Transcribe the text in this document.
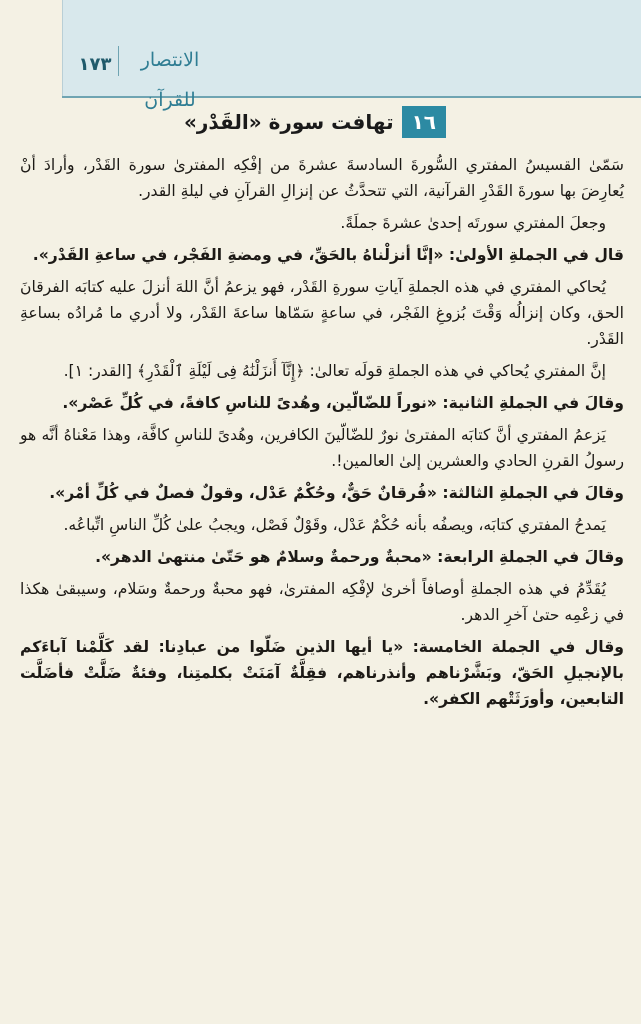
١٧٣	الانتصار للقرآن
١٦
تهافت سورة «القَدْر»

سَمّىٰ القسيسُ المفتري السُّورةَ السادسةَ عشرةَ من إفْكِه المفترىٰ سورة القَدْر، وأرادَ أنْ يُعارِضَ بها سورةَ القَدْرِ القرآنية، التي تتحدَّثُ عن إنزالِ القرآنِ في ليلةِ القدر.

وجعلَ المفتري سورتَه إحدىٰ عشرةَ جملَةً.

قال في الجملةِ الأولىٰ: «إنَّا أنزلْناهُ بالحَقِّ، في ومضةِ الفَجْر، في ساعةِ القَدْر».

يُحاكي المفتري في هذه الجملةِ آياتِ سورةِ القَدْر، فهو يزعمُ أنَّ اللهَ أنزلَ عليه كتابَه الفرقانَ الحق، وكان إنزالُه وَقْتَ بُزوغِ الفَجْر، في ساعةٍ سَمّاها ساعةَ القَدْر، ولا أدري ما مُرادُه بساعةِ القَدْر.

إنَّ المفتري يُحاكي في هذه الجملةِ قولَه تعالىٰ: ﴿إِنَّآ أَنزَلْنَٰهُ فِى لَيْلَةِ ٱلْقَدْرِ﴾ [القدر: ١].

وقالَ في الجملةِ الثانية: «نوراً للضّالّين، وهُدىً للناسِ كافةً، في كُلِّ عَصْر».

يَزعمُ المفتري أنَّ كتابَه المفترىٰ نورٌ للضّالّينَ الكافرين، وهُدىً للناسِ كافَّة، وهذا مَعْناهُ أنَّه هو رسولُ القرنِ الحادي والعشرين إلىٰ العالمين!.

وقالَ في الجملةِ الثالثة: «فُرقانٌ حَقٌّ، وحُكْمٌ عَدْل، وقولٌ فصلٌ في كُلِّ أمْر».

يَمدحُ المفتري كتابَه، ويصفُه بأنه حُكْمٌ عَدْل، وقَوْلٌ فَصْل، ويجبُ علىٰ كُلِّ الناسِ اتِّباعُه.

وقالَ في الجملةِ الرابعة: «محبةٌ ورحمةٌ وسلامٌ هو حَتّىٰ منتهىٰ الدهر».

يُقَدِّمُ في هذه الجملةِ أوصافاً أخرىٰ لإفْكِه المفترىٰ، فهو محبةٌ ورحمةٌ وسَلام، وسيبقىٰ هكذا في زعْمِه حتىٰ آخرِ الدهر.

وقال في الجملة الخامسة: «يا أيها الذين ضَلّوا من عبادِنا: لقد كَلَّمْنا آباءَكم بالإنجيلِ الحَقّ، وبَشَّرْناهم وأنذرناهم، فقِلَّةٌ آمَنَتْ بكلمتِنا، وفئةٌ ضَلَّتْ فأضَلَّت التابعين، وأورَثَتْهم الكفر».
